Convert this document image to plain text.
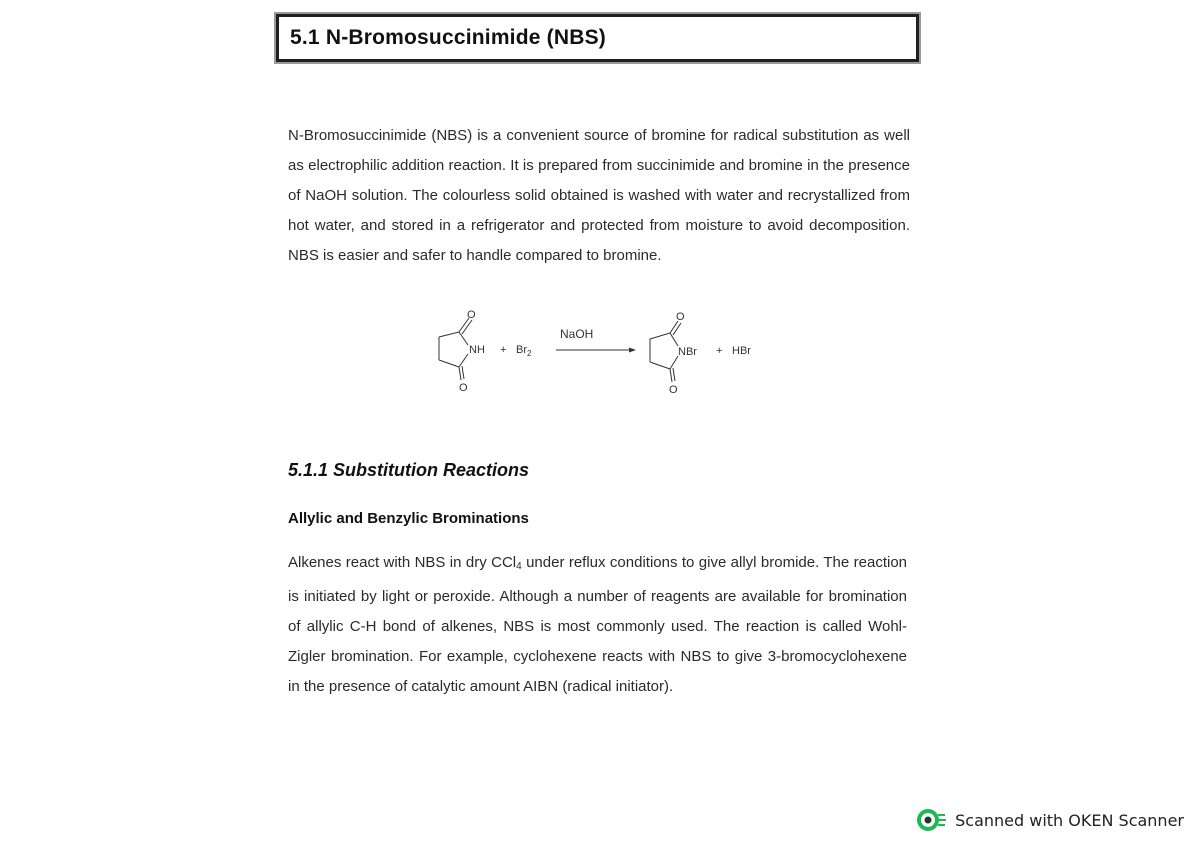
5.1 N-Bromosuccinimide (NBS)

N-Bromosuccinimide (NBS) is a convenient source of bromine for radical substitution as well as electrophilic addition reaction. It is prepared from succinimide and bromine in the presence of NaOH solution. The colourless solid obtained is washed with water and recrystallized from hot water, and stored in a refrigerator and protected from moisture to avoid decomposition. NBS is easier and safer to handle compared to bromine.

O
O
NH + $Br_2$
NaOH
O
O
NBr + HBr
5.1.1 Substitution Reactions
Allylic and Benzylic Brominations

Alkenes react with NBS in dry CCl$_4$ under reflux conditions to give allyl bromide. The reaction is initiated by light or peroxide. Although a number of reagents are available for bromination of allylic C-H bond of alkenes, NBS is most commonly used. The reaction is called Wohl-Zigler bromination. For example, cyclohexene reacts with NBS to give 3-bromocyclohexene in the presence of catalytic amount AIBN (radical initiator).

Scanned with OKEN Scanner
